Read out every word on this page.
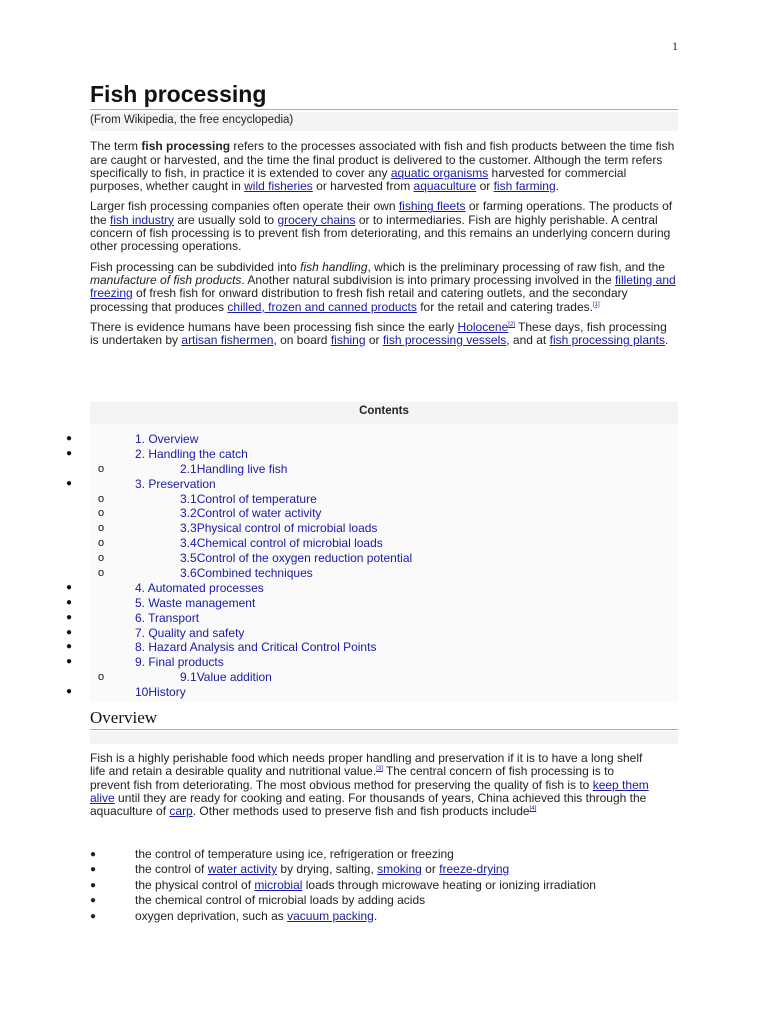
1
Fish processing
(From Wikipedia, the free encyclopedia)

The term fish processing refers to the processes associated with fish and fish products between the time fish are caught or harvested, and the time the final product is delivered to the customer. Although the term refers specifically to fish, in practice it is extended to cover any aquatic organisms harvested for commercial purposes, whether caught in wild fisheries or harvested from aquaculture or fish farming.

Larger fish processing companies often operate their own fishing fleets or farming operations. The products of the fish industry are usually sold to grocery chains or to intermediaries. Fish are highly perishable. A central concern of fish processing is to prevent fish from deteriorating, and this remains an underlying concern during other processing operations.

Fish processing can be subdivided into fish handling, which is the preliminary processing of raw fish, and the manufacture of fish products. Another natural subdivision is into primary processing involved in the filleting and freezing of fresh fish for onward distribution to fresh fish retail and catering outlets, and the secondary processing that produces chilled, frozen and canned products for the retail and catering trades.[1]

There is evidence humans have been processing fish since the early Holocene[2] These days, fish processing is undertaken by artisan fishermen, on board fishing or fish processing vessels, and at fish processing plants.

Contents
●	1. Overview
●	2. Handling the catch
o	2.1Handling live fish
●	3. Preservation
o	3.1Control of temperature
o	3.2Control of water activity
o	3.3Physical control of microbial loads
o	3.4Chemical control of microbial loads
o	3.5Control of the oxygen reduction potential
o	3.6Combined techniques
●	4. Automated processes
●	5. Waste management
●	6. Transport
●	7. Quality and safety
●	8. Hazard Analysis and Critical Control Points
●	9. Final products
o	9.1Value addition
●	10History
Overview
Fish is a highly perishable food which needs proper handling and preservation if it is to have a long shelf life and retain a desirable quality and nutritional value.[3] The central concern of fish processing is to prevent fish from deteriorating. The most obvious method for preserving the quality of fish is to keep them alive until they are ready for cooking and eating. For thousands of years, China achieved this through the aquaculture of carp. Other methods used to preserve fish and fish products include[4]
●	the control of temperature using ice, refrigeration or freezing
●	the control of water activity by drying, salting, smoking or freeze-drying
●	the physical control of microbial loads through microwave heating or ionizing irradiation
●	the chemical control of microbial loads by adding acids
●	oxygen deprivation, such as vacuum packing.
